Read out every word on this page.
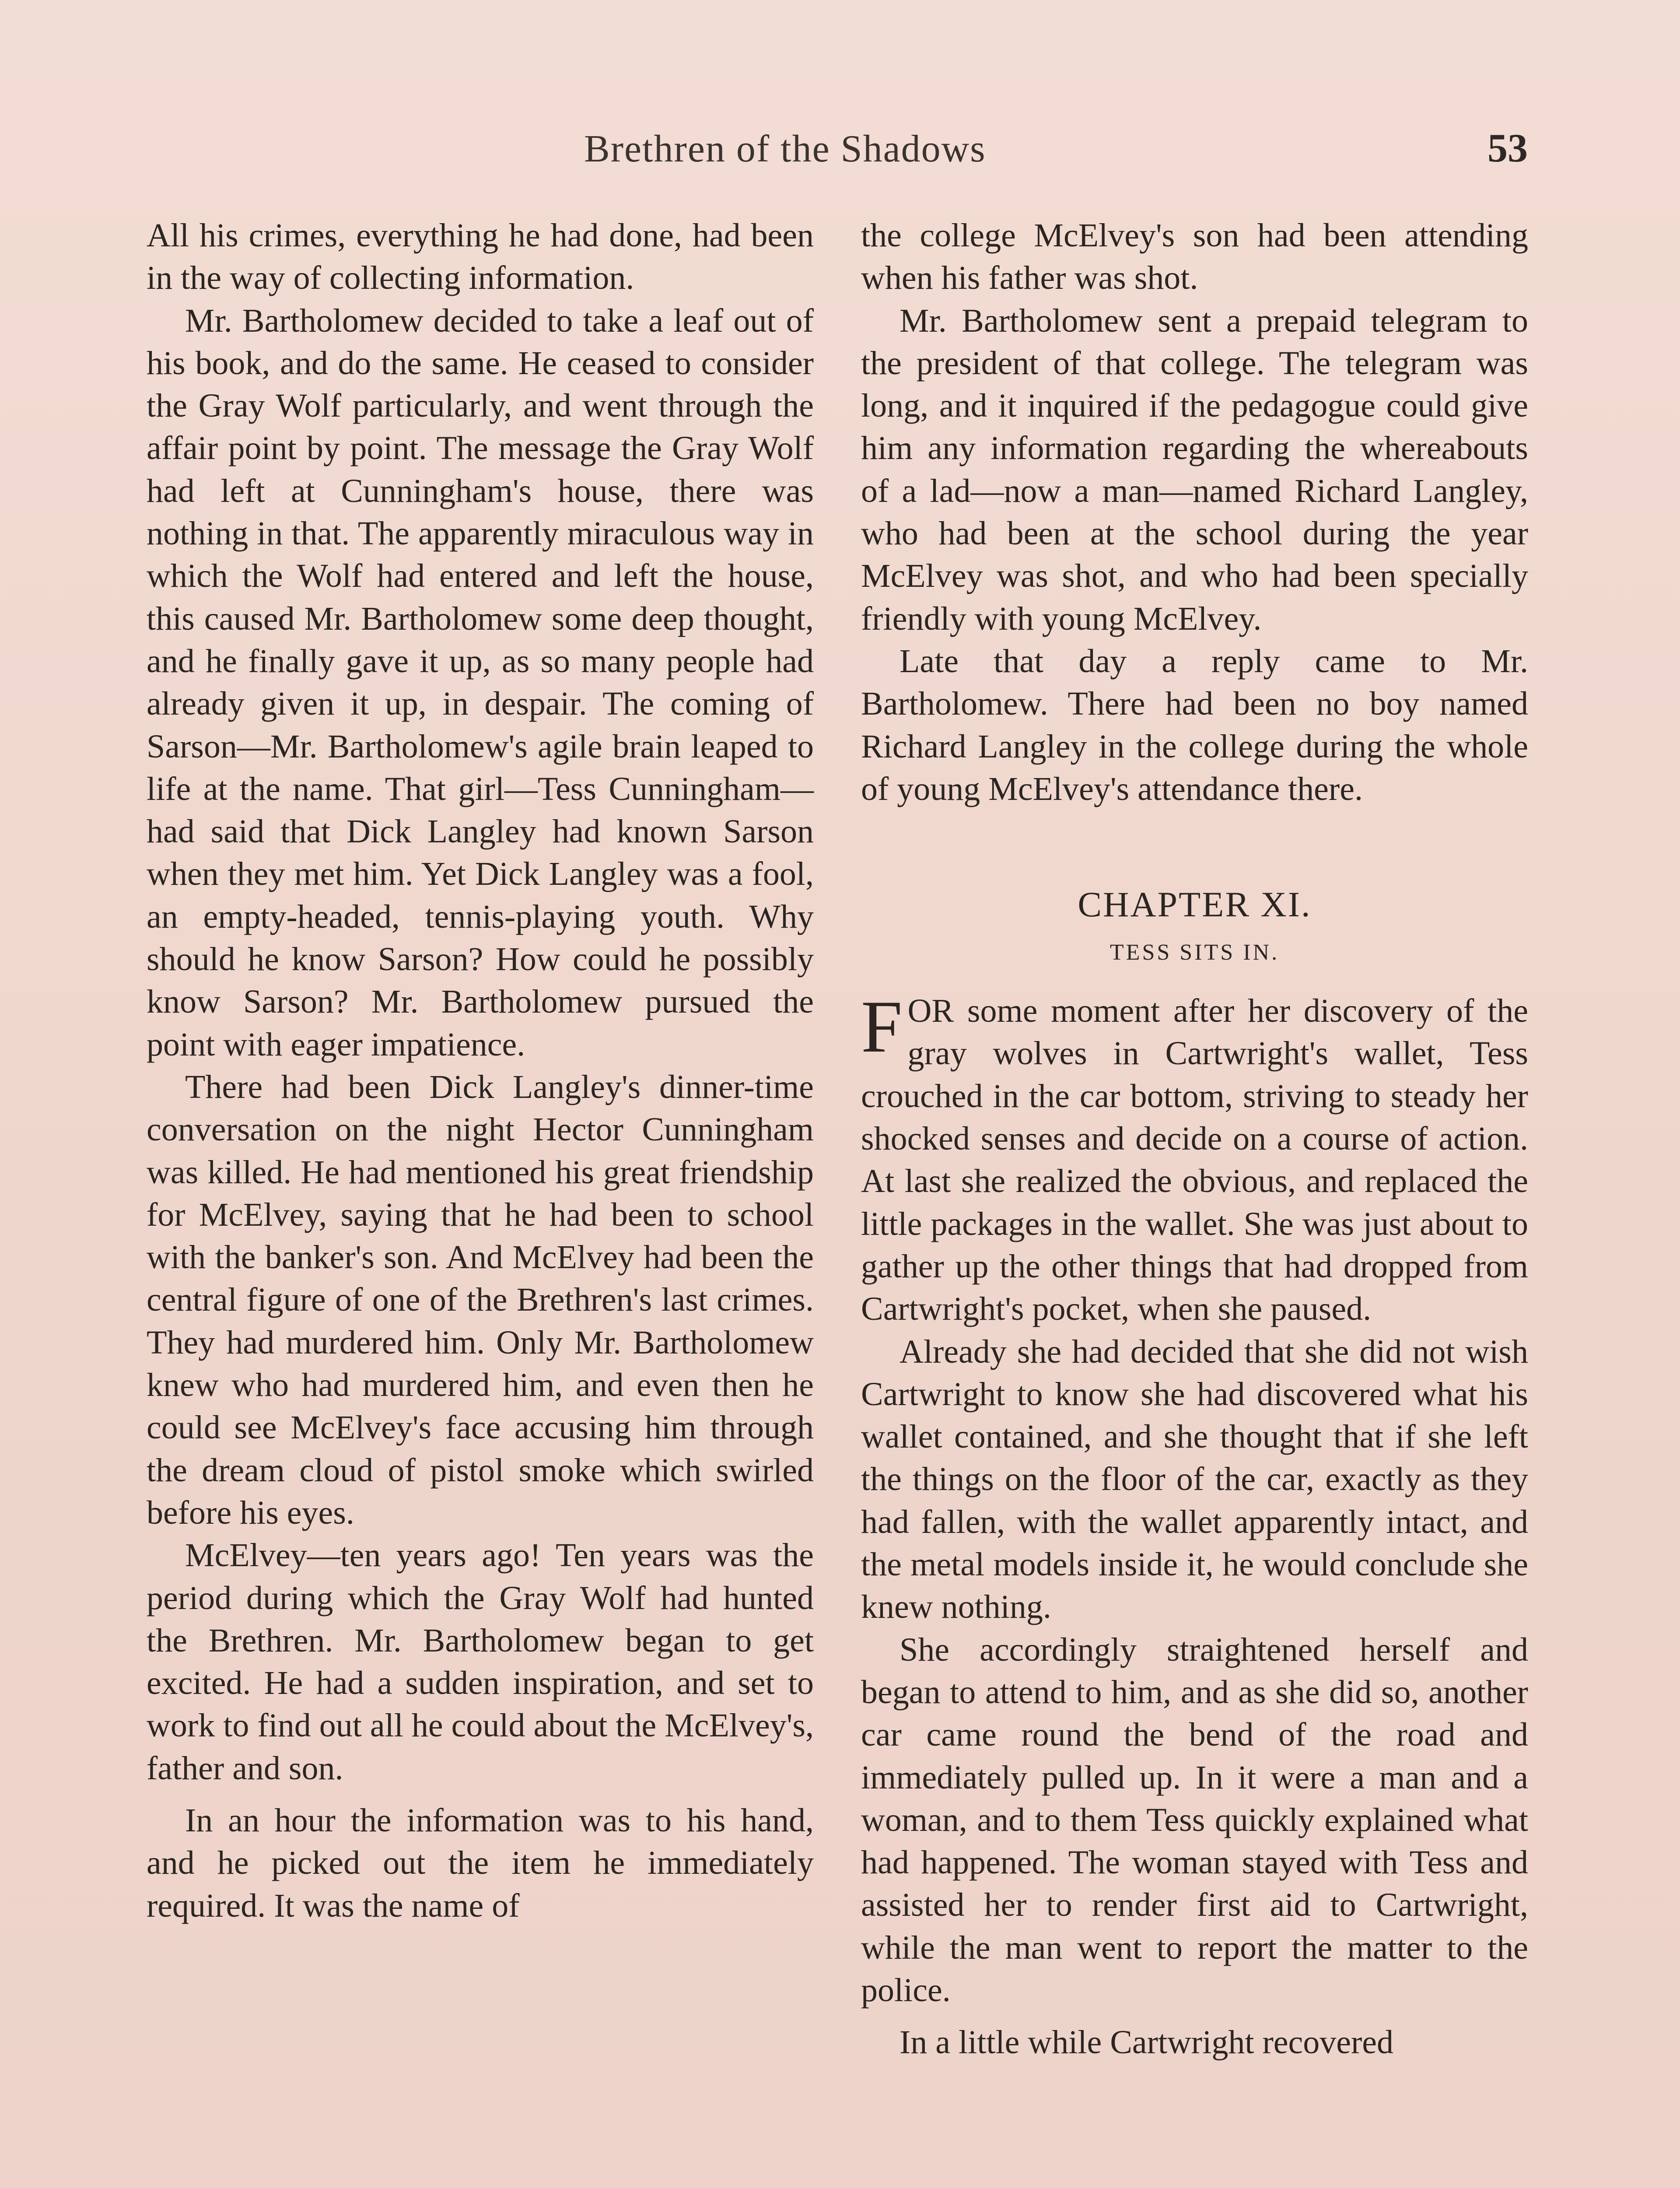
Brethren of the Shadows	53

All his crimes, everything he had done, had been in the way of collecting information.

Mr. Bartholomew decided to take a leaf out of his book, and do the same. He ceased to consider the Gray Wolf particularly, and went through the affair point by point. The message the Gray Wolf had left at Cunningham's house, there was nothing in that. The apparently miraculous way in which the Wolf had entered and left the house, this caused Mr. Bartholomew some deep thought, and he finally gave it up, as so many people had already given it up, in despair. The coming of Sarson—Mr. Bartholomew's agile brain leaped to life at the name. That girl—Tess Cunningham—had said that Dick Langley had known Sarson when they met him. Yet Dick Langley was a fool, an empty-headed, tennis-playing youth. Why should he know Sarson? How could he possibly know Sarson? Mr. Bartholomew pursued the point with eager impatience.

There had been Dick Langley's dinner-time conversation on the night Hector Cunningham was killed. He had mentioned his great friendship for McElvey, saying that he had been to school with the banker's son. And McElvey had been the central figure of one of the Brethren's last crimes. They had murdered him. Only Mr. Bartholomew knew who had murdered him, and even then he could see McElvey's face accusing him through the dream cloud of pistol smoke which swirled before his eyes.

McElvey—ten years ago! Ten years was the period during which the Gray Wolf had hunted the Brethren. Mr. Bartholomew began to get excited. He had a sudden inspiration, and set to work to find out all he could about the McElvey's, father and son.

In an hour the information was to his hand, and he picked out the item he immediately required. It was the name of

the college McElvey's son had been attending when his father was shot.

Mr. Bartholomew sent a prepaid telegram to the president of that college. The telegram was long, and it inquired if the pedagogue could give him any information regarding the whereabouts of a lad—now a man—named Richard Langley, who had been at the school during the year McElvey was shot, and who had been specially friendly with young McElvey.

Late that day a reply came to Mr. Bartholomew. There had been no boy named Richard Langley in the college during the whole of young McElvey's attendance there.

CHAPTER XI.
TESS SITS IN.

FOR some moment after her discovery of the gray wolves in Cartwright's wallet, Tess crouched in the car bottom, striving to steady her shocked senses and decide on a course of action. At last she realized the obvious, and replaced the little packages in the wallet. She was just about to gather up the other things that had dropped from Cartwright's pocket, when she paused.

Already she had decided that she did not wish Cartwright to know she had discovered what his wallet contained, and she thought that if she left the things on the floor of the car, exactly as they had fallen, with the wallet apparently intact, and the metal models inside it, he would conclude she knew nothing.

She accordingly straightened herself and began to attend to him, and as she did so, another car came round the bend of the road and immediately pulled up. In it were a man and a woman, and to them Tess quickly explained what had happened. The woman stayed with Tess and assisted her to render first aid to Cartwright, while the man went to report the matter to the police.

In a little while Cartwright recovered
